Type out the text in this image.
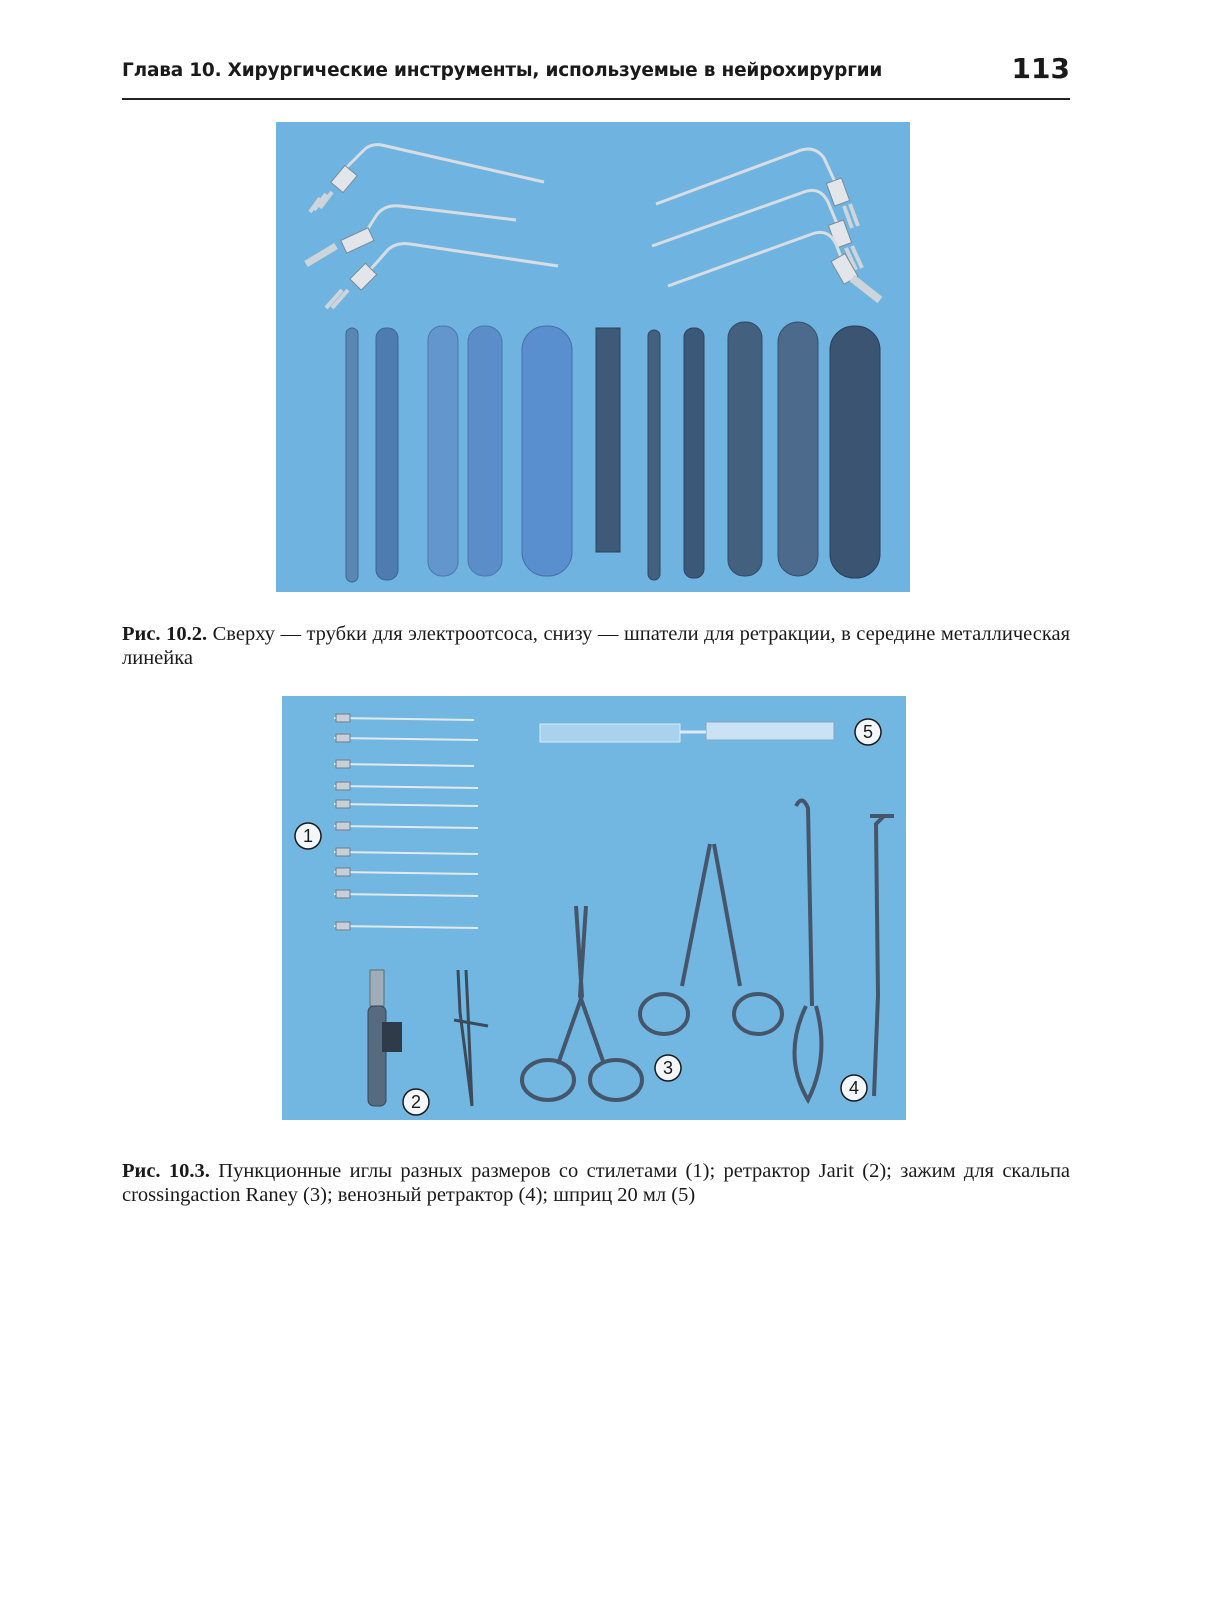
Глава 10. Хирургические инструменты, используемые в нейрохирургии	113

Рис. 10.2. Сверху — трубки для электроотсоса, снизу — шпатели для ретракции, в середине металлическая линейка

1
2
3
4
5

Рис. 10.3. Пункционные иглы разных размеров со стилетами (1); ретрактор Jarit (2); зажим для скальпа crossingaction Raney (3); венозный ретрактор (4); шприц 20 мл (5)
